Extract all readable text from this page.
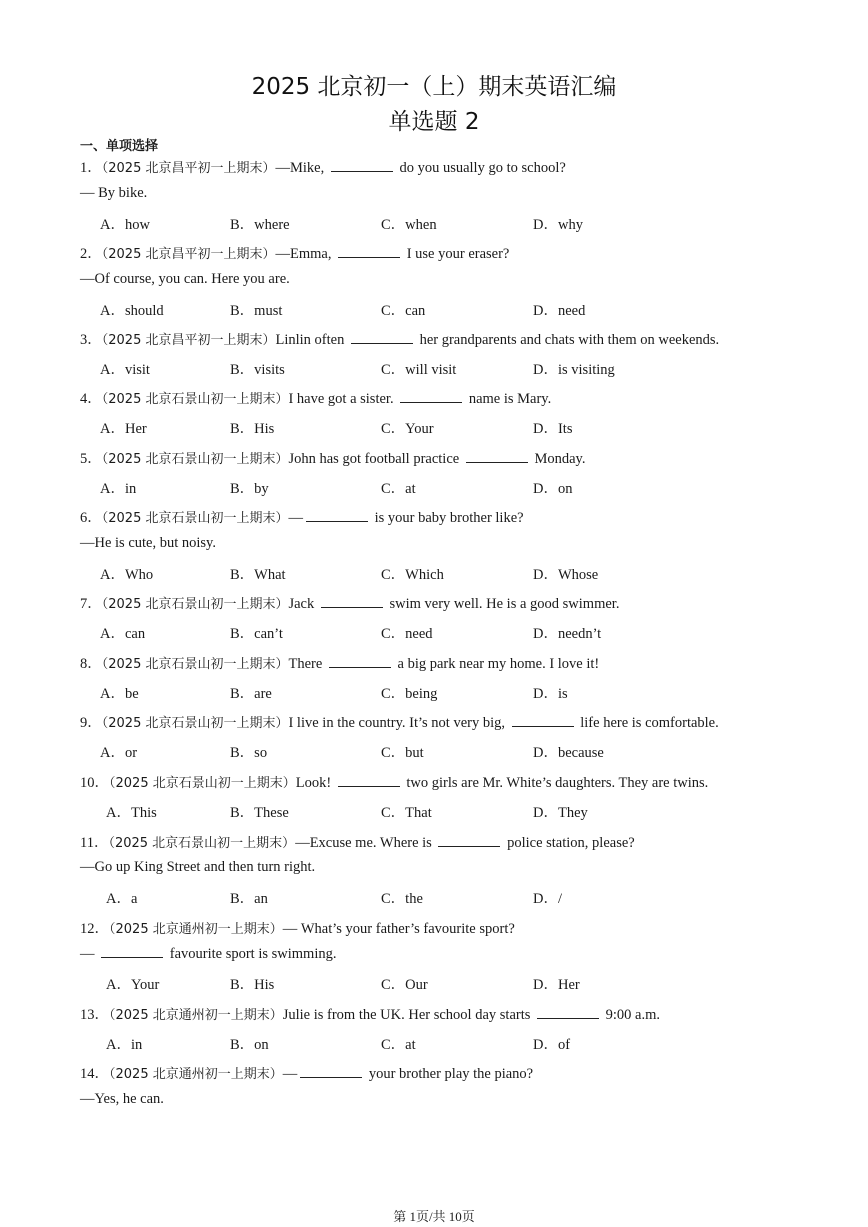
2025 北京初一（上）期末英语汇编
单选题 2
一、单项选择
1．（2025 北京昌平初一上期末）—Mike,	do you usually go to school?
— By bike.
A．how	B．where	C．when	D．why
2．（2025 北京昌平初一上期末）—Emma,	I use your eraser?
—Of course, you can. Here you are.
A．should	B．must	C．can	D．need
3．（2025 北京昌平初一上期末）Linlin often	her grandparents and chats with them on weekends.
A．visit	B．visits	C．will visit	D．is visiting
4．（2025 北京石景山初一上期末）I have got a sister.	name is Mary.
A．Her	B．His	C．Your	D．Its
5．（2025 北京石景山初一上期末）John has got football practice	Monday.
A．in	B．by	C．at	D．on
6．（2025 北京石景山初一上期末）—	is your baby brother like?
—He is cute, but noisy.
A．Who	B．What	C．Which	D．Whose
7．（2025 北京石景山初一上期末）Jack	swim very well. He is a good swimmer.
A．can	B．can’t	C．need	D．needn’t
8．（2025 北京石景山初一上期末）There	a big park near my home. I love it!
A．be	B．are	C．being	D．is
9．（2025 北京石景山初一上期末）I live in the country. It’s not very big,	life here is comfortable.
A．or	B．so	C．but	D．because
10．（2025 北京石景山初一上期末）Look!	two girls are Mr. White’s daughters. They are twins.
A．This	B．These	C．That	D．They
11．（2025 北京石景山初一上期末）—Excuse me. Where is	police station, please?
—Go up King Street and then turn right.
A．a	B．an	C．the	D．/
12．（2025 北京通州初一上期末）— What’s your father’s favourite sport?
—	favourite sport is swimming.
A．Your	B．His	C．Our	D．Her
13．（2025 北京通州初一上期末）Julie is from the UK. Her school day starts	9:00 a.m.
A．in	B．on	C．at	D．of
14．（2025 北京通州初一上期末）—	your brother play the piano?
—Yes, he can.
第 1页/共 10页
